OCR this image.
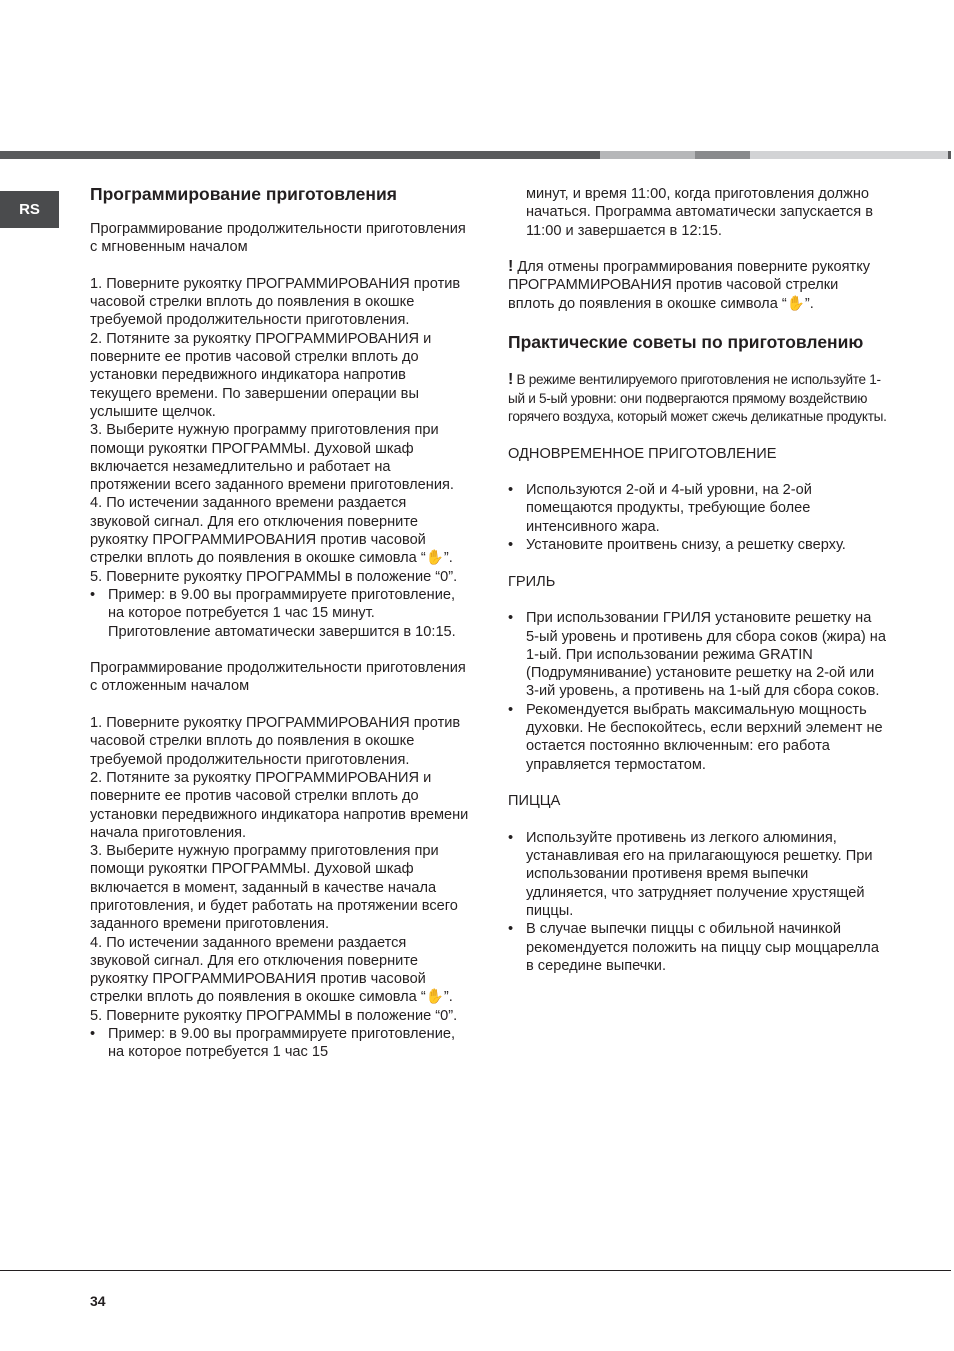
RS
Программирование приготовления

Программирование продолжительности приготовления с мгновенным началом

1. Поверните рукоятку ПРОГРАММИРОВАНИЯ против часовой стрелки вплоть до появления в окошке требуемой продолжительности приготовления.

2. Потяните за рукоятку ПРОГРАММИРОВАНИЯ и поверните ее против часовой стрелки вплоть до установки передвижного индикатора напротив текущего времени. По завершении операции вы услышите щелчок.

3. Выберите нужную программу приготовления при помощи рукоятки ПРОГРАММЫ. Духовой шкаф включается незамедлительно и работает на протяжении всего заданного времени приготовления.

4. По истечении заданного времени раздается звуковой сигнал. Для его отключения поверните рукоятку ПРОГРАММИРОВАНИЯ против часовой стрелки вплоть до появления в окошке симовла “✋”.

5. Поверните рукоятку ПРОГРАММЫ в положение “0”.

• Пример: в 9.00 вы программируете приготовление, на которое потребуется 1 час 15 минут. Приготовление автоматически завершится в 10:15.

Программирование продолжительности приготовления с отложенным началом

1. Поверните рукоятку ПРОГРАММИРОВАНИЯ против часовой стрелки вплоть до появления в окошке требуемой продолжительности приготовления.

2. Потяните за рукоятку ПРОГРАММИРОВАНИЯ и поверните ее против часовой стрелки вплоть до установки передвижного индикатора напротив времени начала приготовления.

3. Выберите нужную программу приготовления при помощи рукоятки ПРОГРАММЫ. Духовой шкаф включается в момент, заданный в качестве начала приготовления, и будет работать на протяжении всего заданного времени приготовления.

4. По истечении заданного времени раздается звуковой сигнал. Для его отключения поверните рукоятку ПРОГРАММИРОВАНИЯ против часовой стрелки вплоть до появления в окошке симовла “✋”.

5. Поверните рукоятку ПРОГРАММЫ в положение “0”.

• Пример: в 9.00 вы программируете приготовление, на которое потребуется 1 час 15

минут, и время 11:00, когда приготовления должно начаться. Программа автоматически запускается в 11:00 и завершается в 12:15.

! Для отмены программирования поверните рукоятку ПРОГРАММИРОВАНИЯ против часовой стрелки вплоть до появления в окошке символа “✋”.

Практические советы по приготовлению

! В режиме вентилируемого приготовления не используйте 1-ый и 5-ый уровни: они подвергаются прямому воздействию горячего воздуха, который может сжечь деликатные продукты.

ОДНОВРЕМЕННОЕ ПРИГОТОВЛЕНИЕ

• Используются 2-ой и 4-ый уровни, на 2-ой помещаются продукты, требующие более интенсивного жара.

• Установите проитвень снизу, а решетку сверху.

ГРИЛЬ

• При использовании ГРИЛЯ установите решетку на 5-ый уровень и противень для сбора соков (жира) на 1-ый. При использовании режима GRATIN (Подрумянивание) установите решетку на 2-ой или 3-ий уровень, а противень на 1-ый для сбора соков.

• Рекомендуется выбрать максимальную мощность духовки. Не беспокойтесь, если верхний элемент не остается постоянно включенным: его работа управляется термостатом.

ПИЦЦА

• Используйте противень из легкого алюминия, устанавливая его на прилагающуюся решетку. При использовании противеня время выпечки удлиняется, что затрудняет получение хрустящей пиццы.

• В случае выпечки пиццы с обильной начинкой рекомендуется положить на пиццу сыр моццарелла в середине выпечки.

34
